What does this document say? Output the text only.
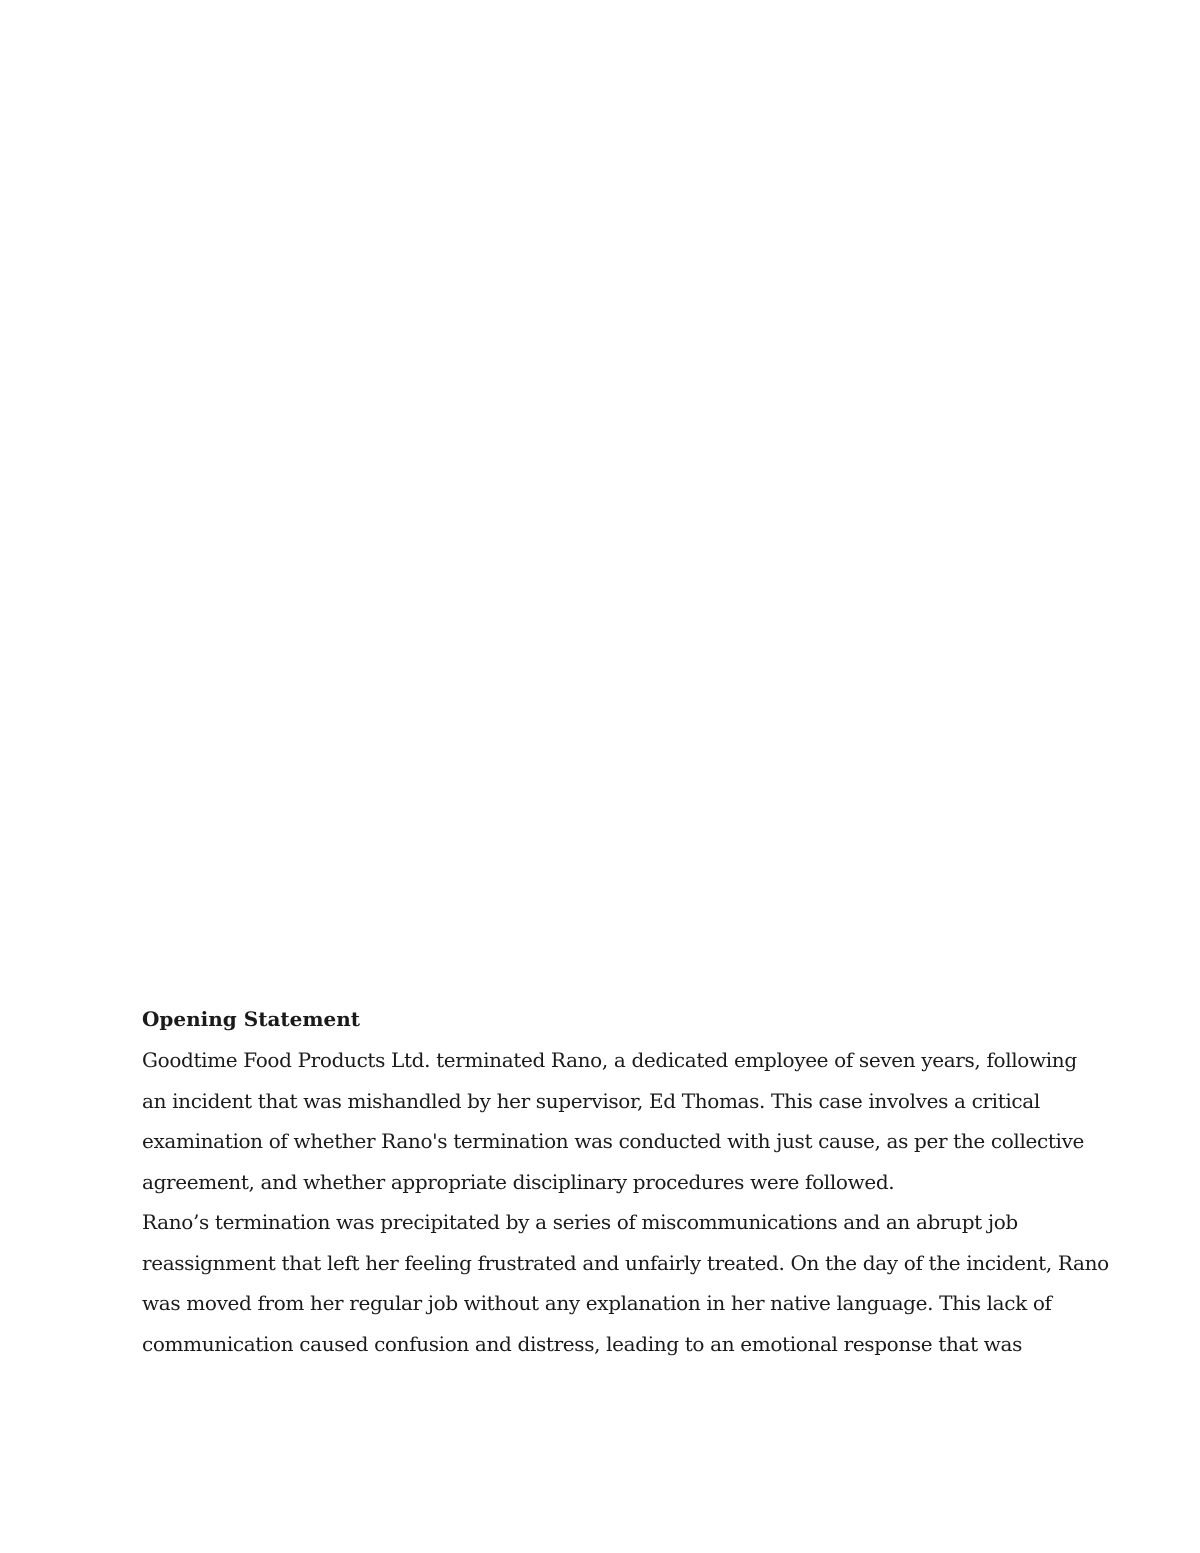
Opening Statement

Goodtime Food Products Ltd. terminated Rano, a dedicated employee of seven years, following
an incident that was mishandled by her supervisor, Ed Thomas. This case involves a critical
examination of whether Rano's termination was conducted with just cause, as per the collective
agreement, and whether appropriate disciplinary procedures were followed.

Rano’s termination was precipitated by a series of miscommunications and an abrupt job
reassignment that left her feeling frustrated and unfairly treated. On the day of the incident, Rano
was moved from her regular job without any explanation in her native language. This lack of
communication caused confusion and distress, leading to an emotional response that was
